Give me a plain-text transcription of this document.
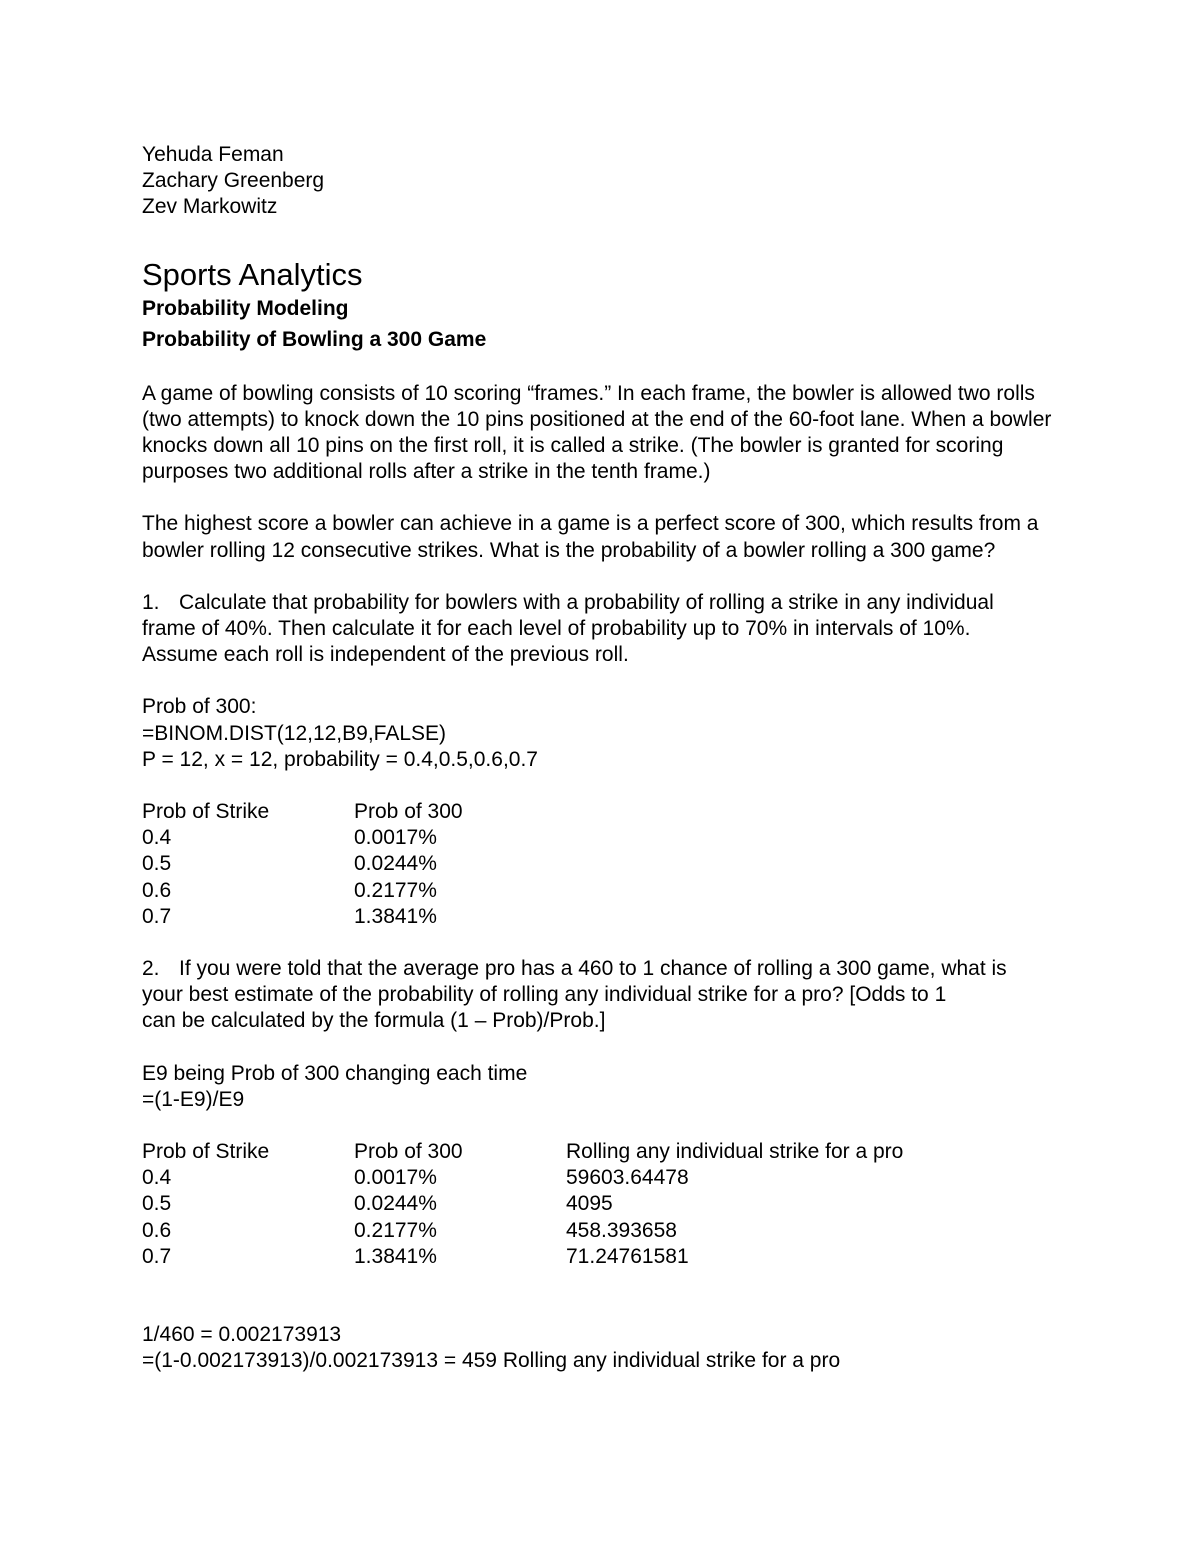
Yehuda Feman

Zachary Greenberg

Zev Markowitz

Sports Analytics

Probability Modeling

Probability of Bowling a 300 Game

A game of bowling consists of 10 scoring “frames.” In each frame, the bowler is allowed two rolls

(two attempts) to knock down the 10 pins positioned at the end of the 60-foot lane. When a bowler

knocks down all 10 pins on the first roll, it is called a strike. (The bowler is granted for scoring

purposes two additional rolls after a strike in the tenth frame.)

The highest score a bowler can achieve in a game is a perfect score of 300, which results from a

bowler rolling 12 consecutive strikes. What is the probability of a bowler rolling a 300 game?

1. Calculate that probability for bowlers with a probability of rolling a strike in any individual

frame of 40%. Then calculate it for each level of probability up to 70% in intervals of 10%.

Assume each roll is independent of the previous roll.

Prob of 300:

=BINOM.DIST(12,12,B9,FALSE)

P = 12, x = 12, probability = 0.4,0.5,0.6,0.7

Prob of Strike	Prob of 300
0.4	0.0017%
0.5	0.0244%
0.6	0.2177%
0.7	1.3841%

2. If you were told that the average pro has a 460 to 1 chance of rolling a 300 game, what is

your best estimate of the probability of rolling any individual strike for a pro? [Odds to 1

can be calculated by the formula (1 – Prob)/Prob.]

E9 being Prob of 300 changing each time

=(1-E9)/E9

Prob of Strike	Prob of 300	Rolling any individual strike for a pro
0.4	0.0017%	59603.64478
0.5	0.0244%	4095
0.6	0.2177%	458.393658
0.7	1.3841%	71.24761581

1/460 = 0.002173913

=(1-0.002173913)/0.002173913 = 459 Rolling any individual strike for a pro
